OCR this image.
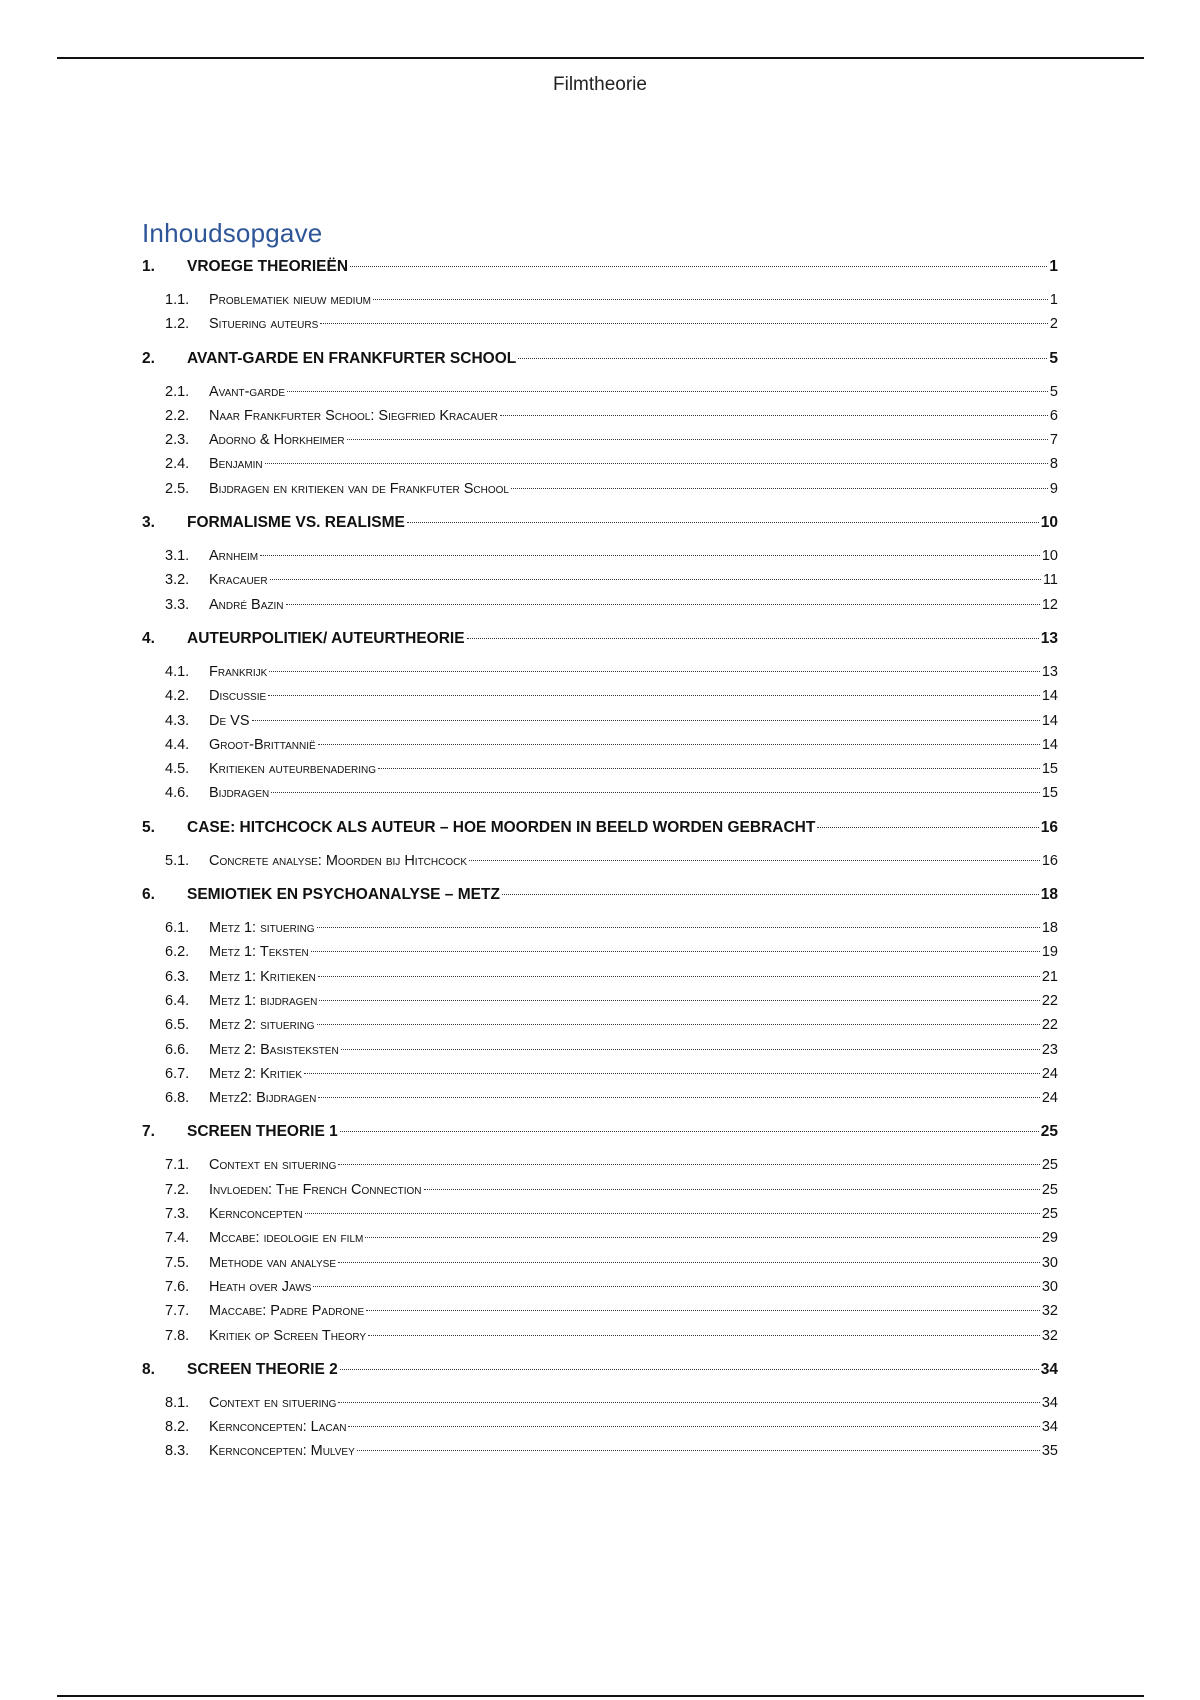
Filmtheorie
Inhoudsopgave
1.	VROEGE THEORIEËN	1
1.1.	Problematiek nieuw medium	1
1.2.	Situering auteurs	2
2.	AVANT-GARDE EN FRANKFURTER SCHOOL	5
2.1.	Avant-garde	5
2.2.	Naar Frankfurter School: Siegfried Kracauer	6
2.3.	Adorno & Horkheimer	7
2.4.	Benjamin	8
2.5.	Bijdragen en kritieken van de Frankfuter School	9
3.	FORMALISME VS. REALISME	10
3.1.	Arnheim	10
3.2.	Kracauer	11
3.3.	André Bazin	12
4.	AUTEURPOLITIEK/ AUTEURTHEORIE	13
4.1.	Frankrijk	13
4.2.	Discussie	14
4.3.	De VS	14
4.4.	Groot-Brittannië	14
4.5.	Kritieken auteurbenadering	15
4.6.	Bijdragen	15
5.	CASE: HITCHCOCK ALS AUTEUR – HOE MOORDEN IN BEELD WORDEN GEBRACHT	16
5.1.	Concrete analyse: Moorden bij Hitchcock	16
6.	SEMIOTIEK EN PSYCHOANALYSE – METZ	18
6.1.	Metz 1: situering	18
6.2.	Metz 1: Teksten	19
6.3.	Metz 1: Kritieken	21
6.4.	Metz 1: bijdragen	22
6.5.	Metz 2: situering	22
6.6.	Metz 2: Basisteksten	23
6.7.	Metz 2: Kritiek	24
6.8.	Metz2: Bijdragen	24
7.	SCREEN THEORIE 1	25
7.1.	Context en situering	25
7.2.	Invloeden: The French Connection	25
7.3.	Kernconcepten	25
7.4.	Mccabe: ideologie en film	29
7.5.	Methode van analyse	30
7.6.	Heath over Jaws	30
7.7.	Maccabe: Padre Padrone	32
7.8.	Kritiek op Screen Theory	32
8.	SCREEN THEORIE 2	34
8.1.	Context en situering	34
8.2.	Kernconcepten: Lacan	34
8.3.	Kernconcepten: Mulvey	35
